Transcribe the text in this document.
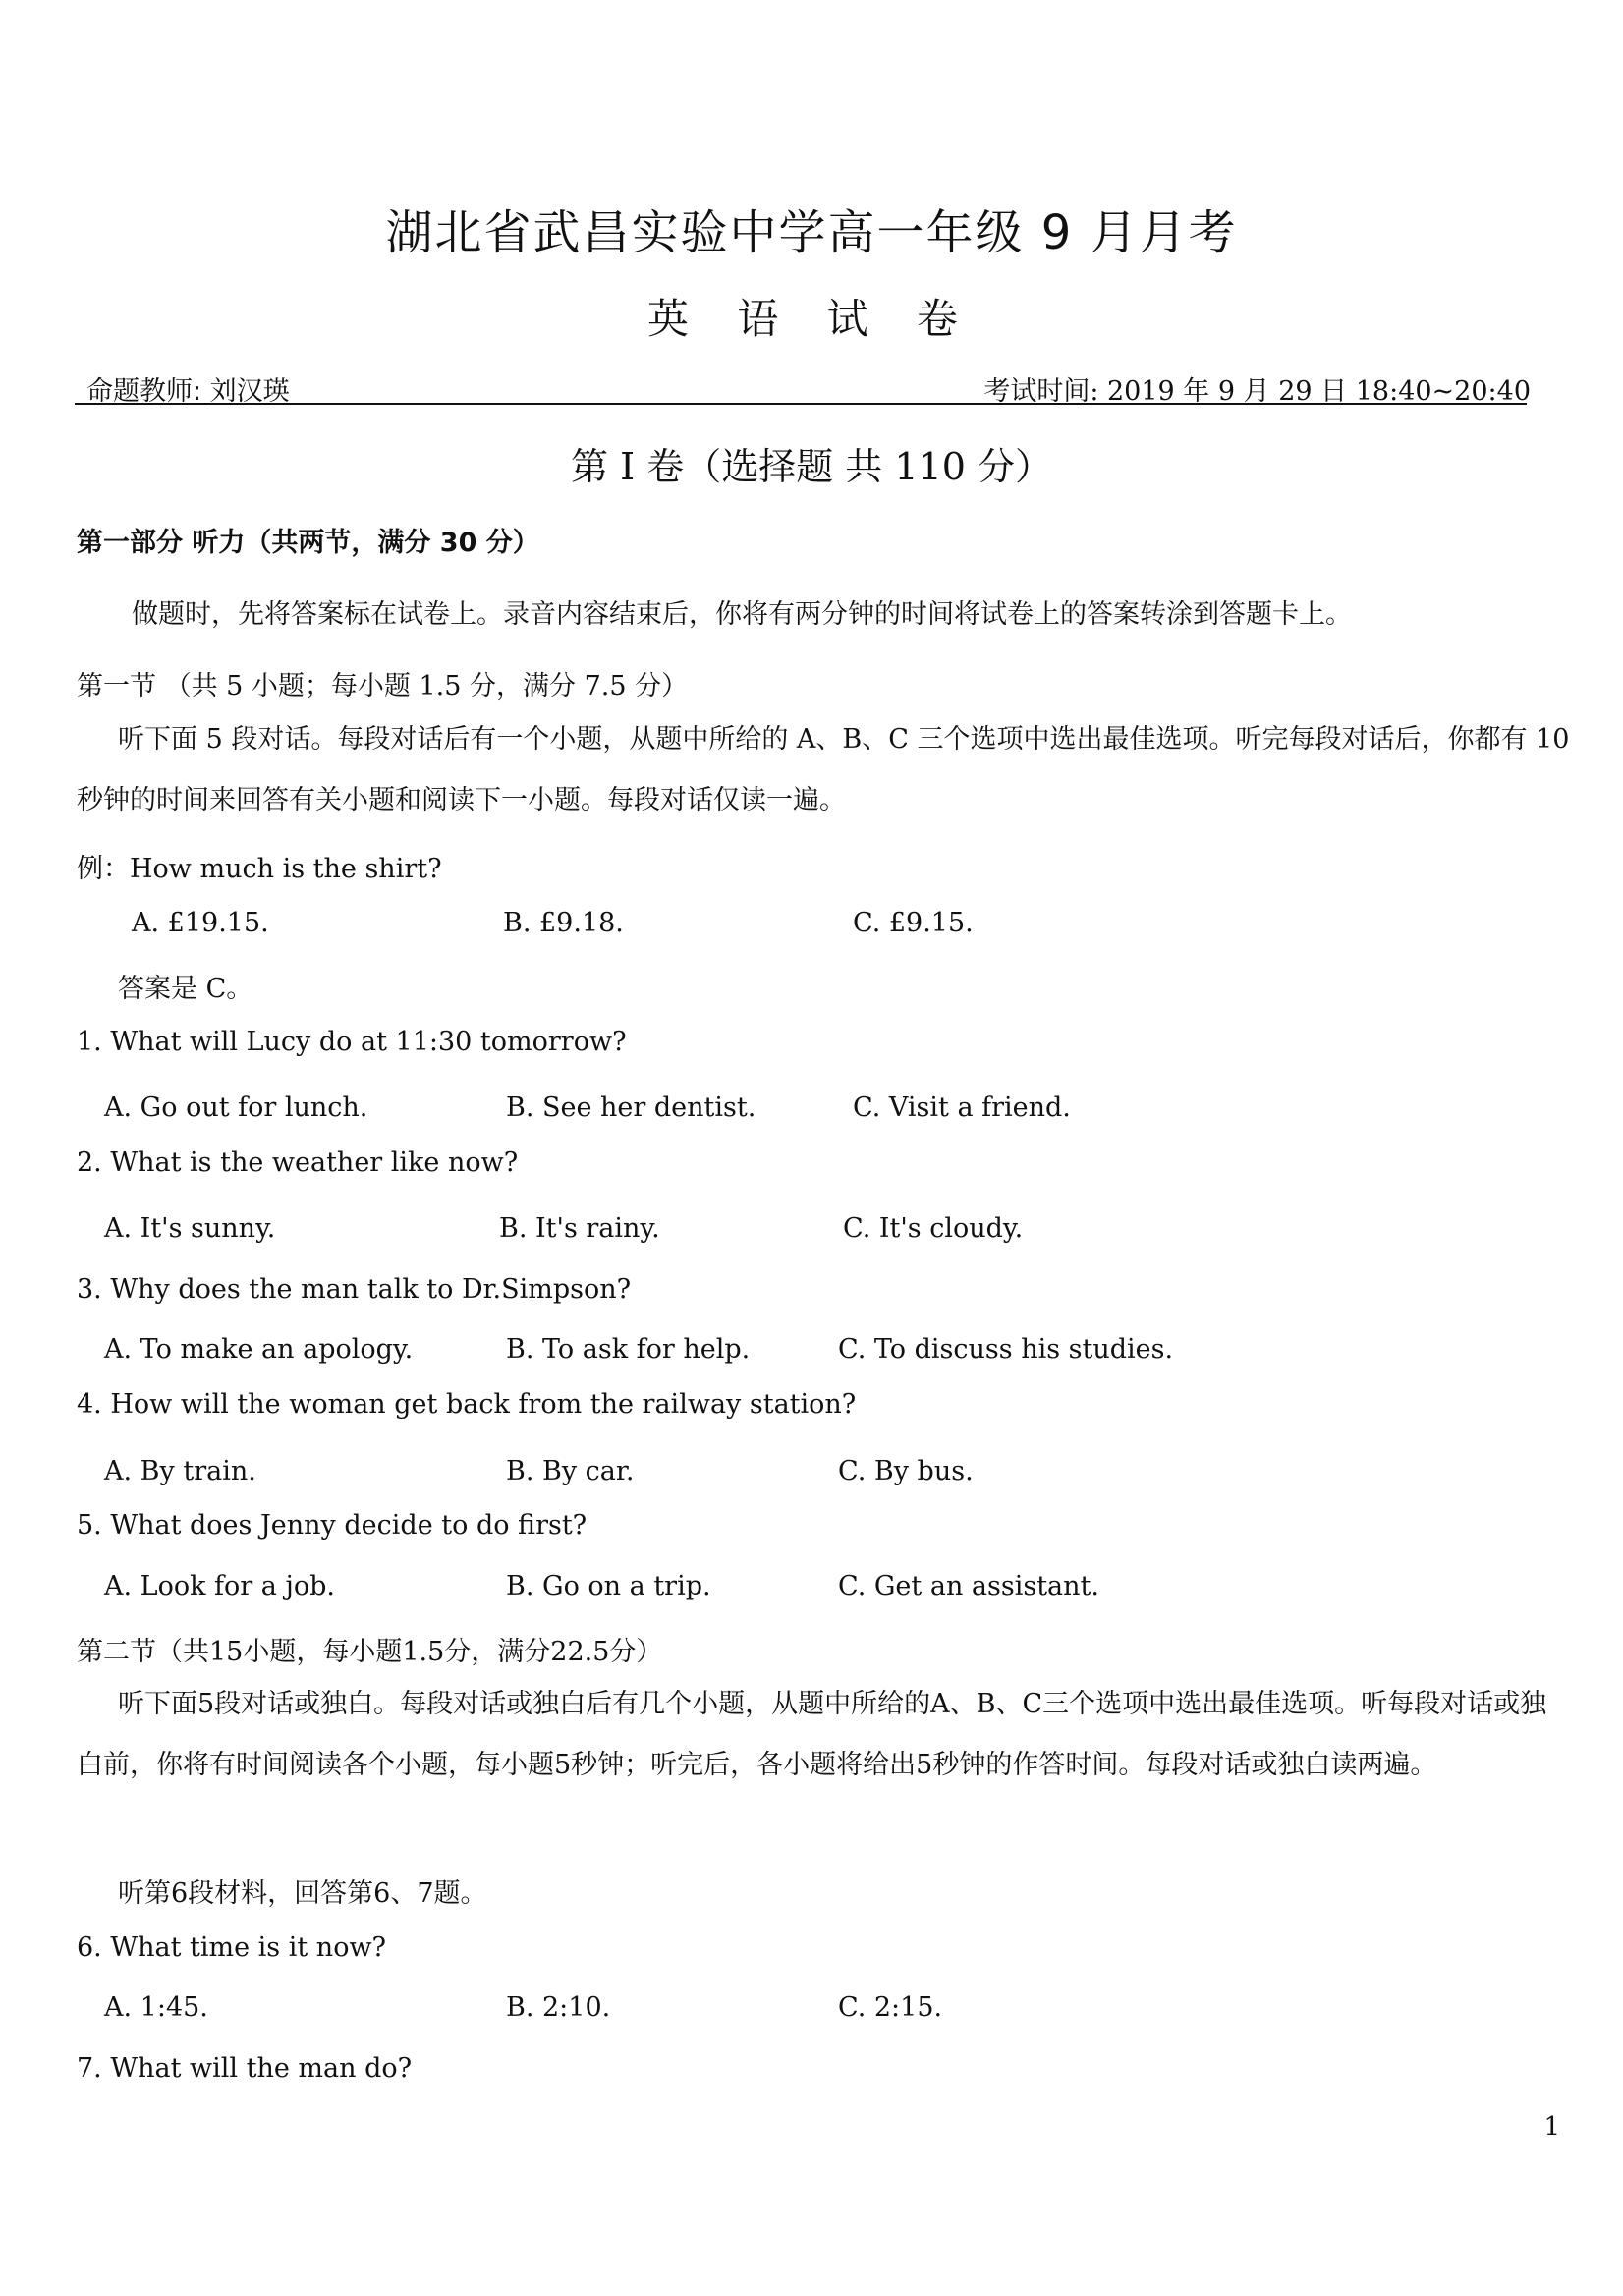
湖北省武昌实验中学高一年级 9 月月考
英 语 试 卷
命题教师: 刘汉瑛	考试时间: 2019 年 9 月 29 日 18:40~20:40
第 I 卷（选择题 共 110 分）
第一部分 听力（共两节，满分 30 分）
做题时，先将答案标在试卷上。录音内容结束后，你将有两分钟的时间将试卷上的答案转涂到答题卡上。
第一节 （共 5 小题；每小题 1.5 分，满分 7.5 分）
听下面 5 段对话。每段对话后有一个小题，从题中所给的 A、B、C 三个选项中选出最佳选项。听完每段对话后，你都有 10 秒钟的时间来回答有关小题和阅读下一小题。每段对话仅读一遍。
例：How much is the shirt?
A. £19.15.	B. £9.18.	C. £9.15.
答案是 C。
1. What will Lucy do at 11:30 tomorrow?
A. Go out for lunch.	B. See her dentist.	C. Visit a friend.
2. What is the weather like now?
A. It's sunny.	B. It's rainy.	C. It's cloudy.
3. Why does the man talk to Dr.Simpson?
A. To make an apology.	B. To ask for help.	C. To discuss his studies.
4. How will the woman get back from the railway station?
A. By train.	B. By car.	C. By bus.
5. What does Jenny decide to do first?
A. Look for a job.	B. Go on a trip.	C. Get an assistant.
第二节（共15小题，每小题1.5分，满分22.5分）
听下面5段对话或独白。每段对话或独白后有几个小题，从题中所给的A、B、C三个选项中选出最佳选项。听每段对话或独白前，你将有时间阅读各个小题，每小题5秒钟；听完后，各小题将给出5秒钟的作答时间。每段对话或独白读两遍。
听第6段材料，回答第6、7题。
6. What time is it now?
A. 1:45.	B. 2:10.	C. 2:15.
7. What will the man do?
1
